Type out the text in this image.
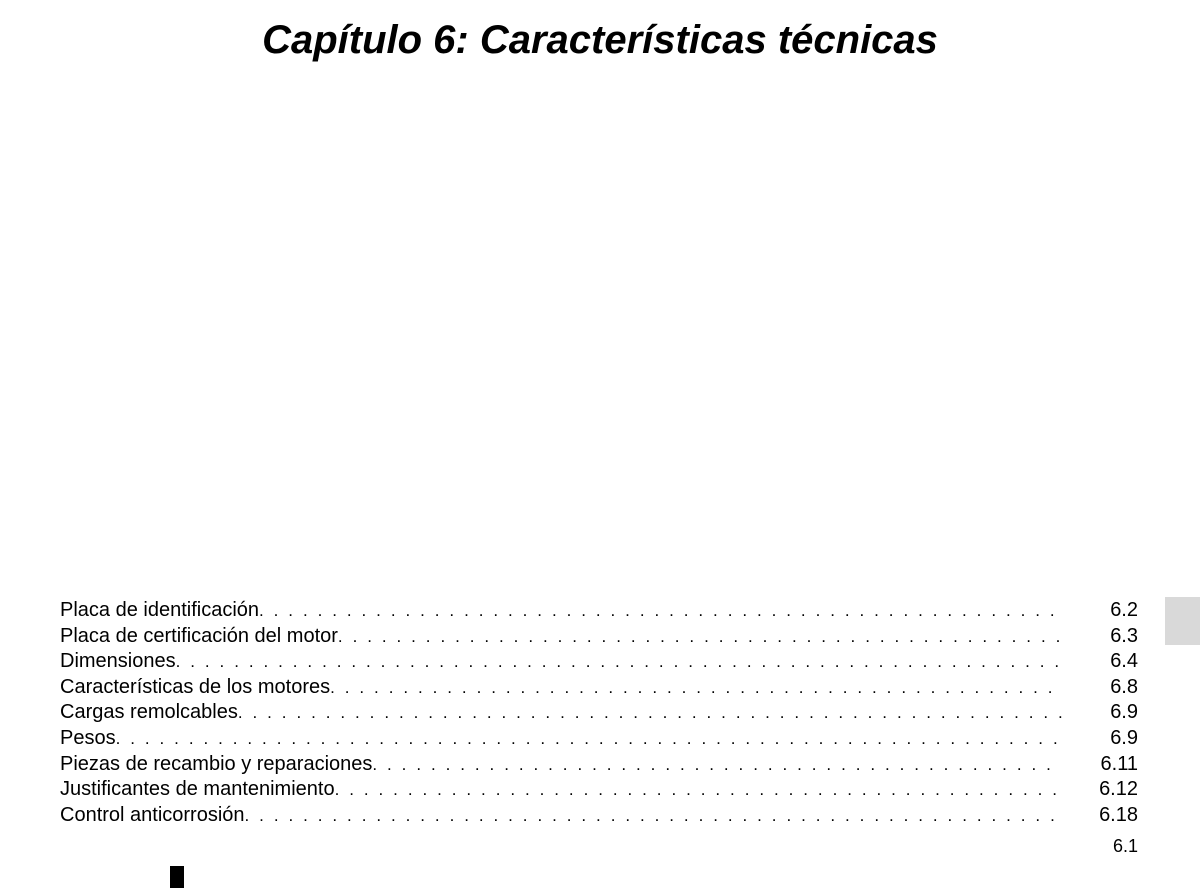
Capítulo 6: Características técnicas
Placa de identificación . . .	6.2
Placa de certificación del motor . . .	6.3
Dimensiones . . .	6.4
Características de los motores . . .	6.8
Cargas remolcables . . .	6.9
Pesos . . .	6.9
Piezas de recambio y reparaciones . . .	6.11
Justificantes de mantenimiento . . .	6.12
Control anticorrosión . . .	6.18
6.1
